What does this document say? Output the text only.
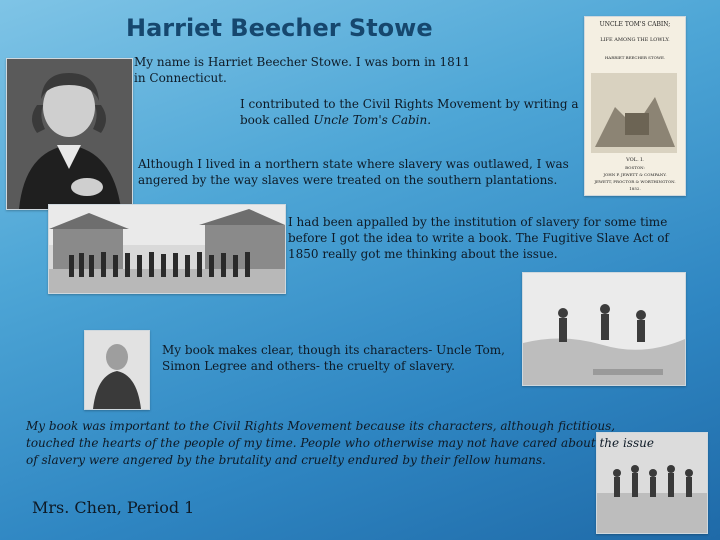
Harriet Beecher Stowe
My name is Harriet Beecher Stowe. I was born in 1811 in Connecticut.
UNCLE TOM'S CABIN;
LIFE AMONG THE LOWLY.
HARRIET BEECHER STOWE.
VOL. I.
BOSTON:
JOHN P. JEWETT & COMPANY.
JEWETT, PROCTOR & WORTHINGTON.
1852.
I contributed to the Civil Rights Movement by writing a book called Uncle Tom's Cabin.
Although I lived in a northern state where slavery was outlawed, I was angered by the way slaves were treated on the southern plantations.
I had been appalled by the institution of slavery for some time before I got the idea to write a book. The Fugitive Slave Act of 1850 really got me thinking about the issue.
My book makes clear, though its characters- Uncle Tom, Simon Legree and others- the cruelty of slavery.
My book was important to the Civil Rights Movement because its characters, although fictitious, touched the hearts of the people of my time. People who otherwise may not have cared about the issue of slavery were angered by the brutality and cruelty endured by their fellow humans.
Mrs. Chen, Period 1
